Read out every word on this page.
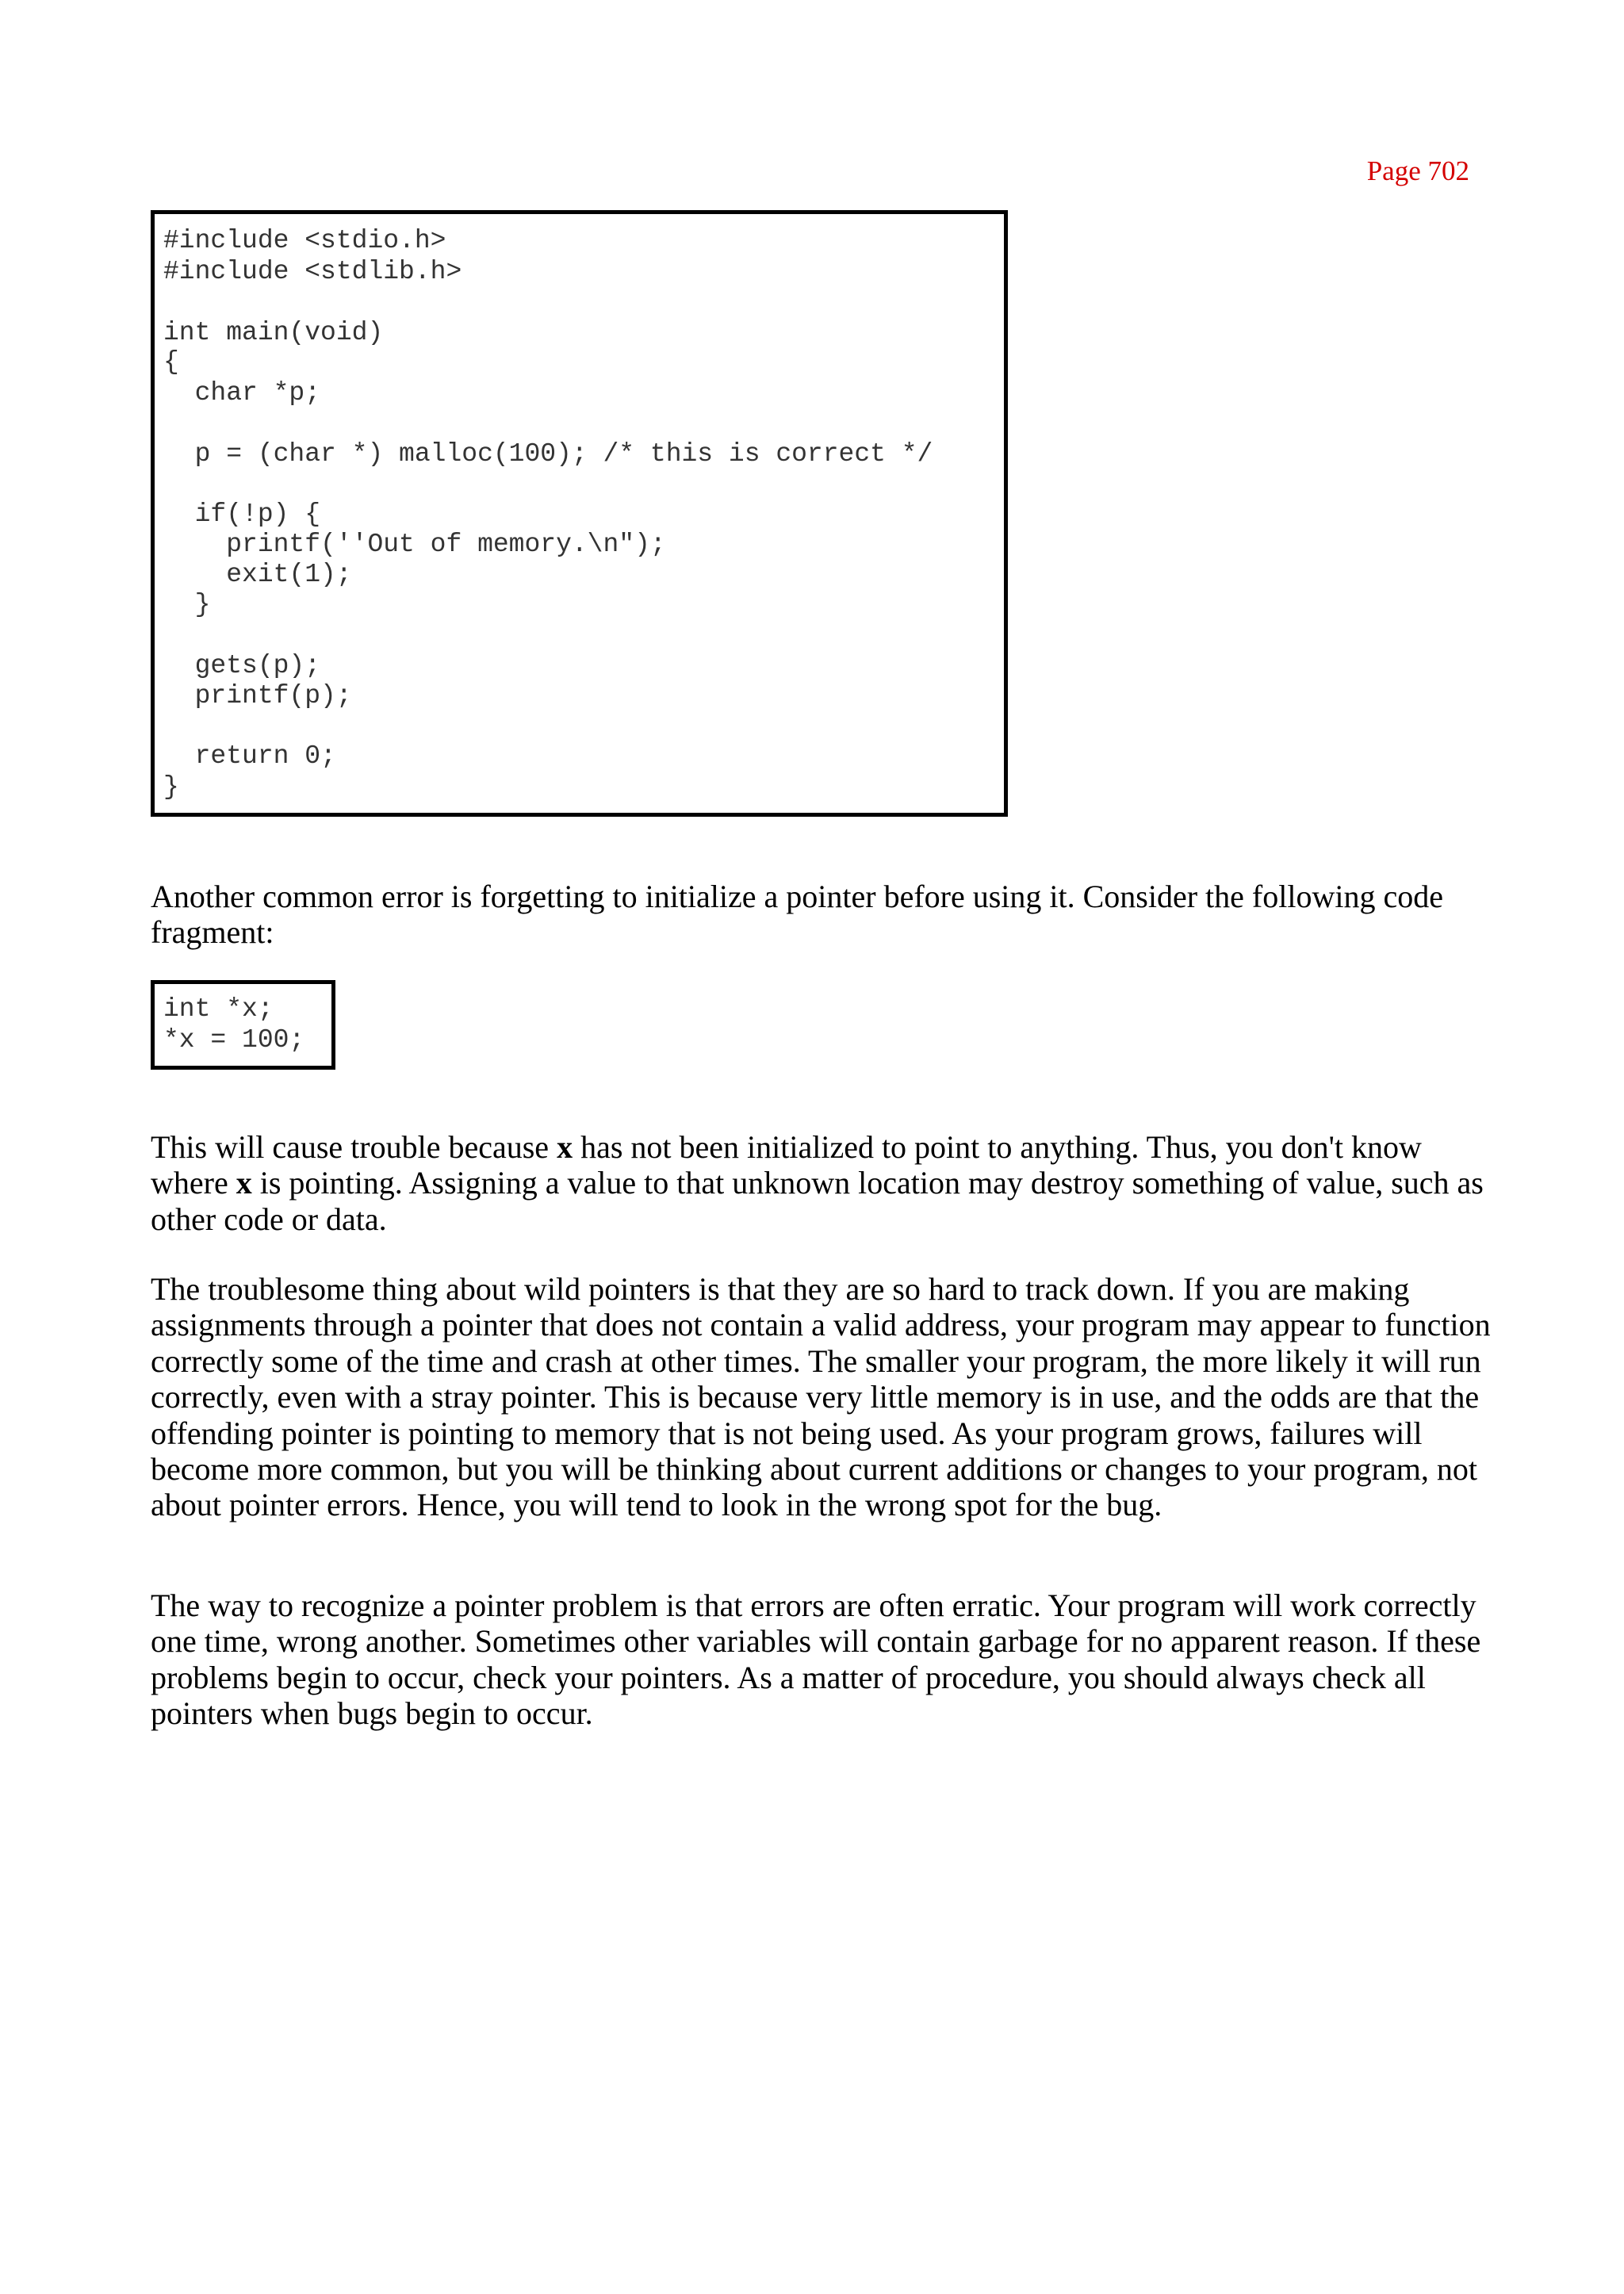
Page 702
#include <stdio.h>
#include <stdlib.h>
int main(void)
{
char *p;
p = (char *) malloc(100); /* this is correct */
if(!p) {
printf(''Out of memory.\n");
exit(1);
}
gets(p);
printf(p);
return 0;
}

Another common error is forgetting to initialize a pointer before using it. Consider the following code fragment:

int *x;
*x = 100;

This will cause trouble because x has not been initialized to point to anything. Thus, you don't know where x is pointing. Assigning a value to that unknown location may destroy something of value, such as other code or data.

The troublesome thing about wild pointers is that they are so hard to track down. If you are making assignments through a pointer that does not contain a valid address, your program may appear to function correctly some of the time and crash at other times. The smaller your program, the more likely it will run correctly, even with a stray pointer. This is because very little memory is in use, and the odds are that the offending pointer is pointing to memory that is not being used. As your program grows, failures will become more common, but you will be thinking about current additions or changes to your program, not about pointer errors. Hence, you will tend to look in the wrong spot for the bug.

The way to recognize a pointer problem is that errors are often erratic. Your program will work correctly one time, wrong another. Sometimes other variables will contain garbage for no apparent reason. If these problems begin to occur, check your pointers. As a matter of procedure, you should always check all pointers when bugs begin to occur.
